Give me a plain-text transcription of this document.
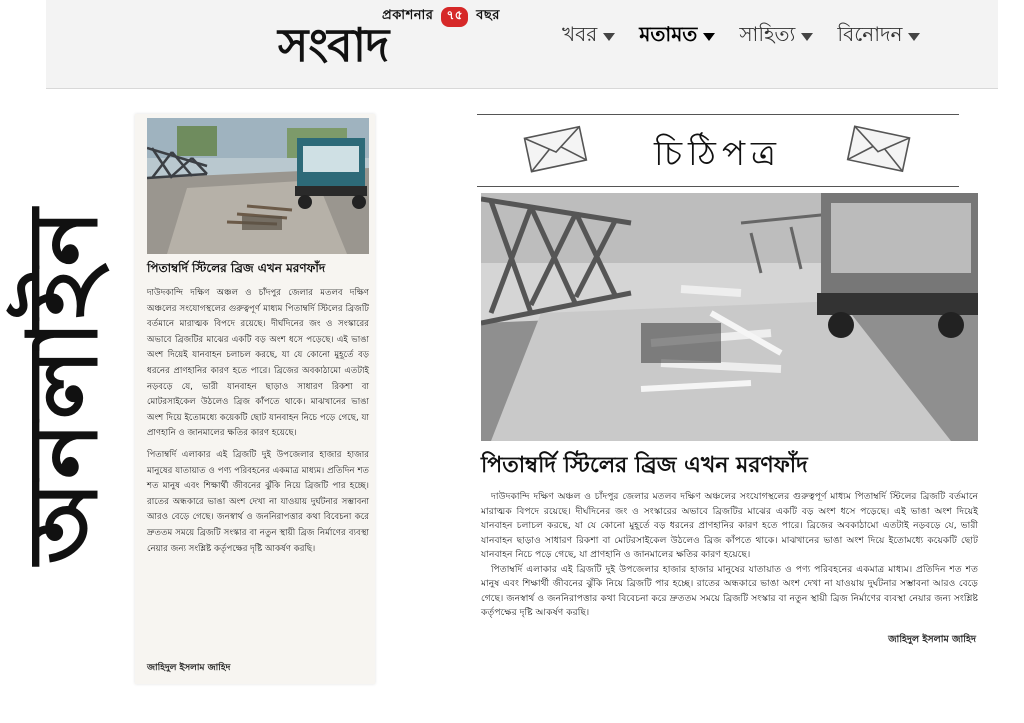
প্রকাশনার ৭৫ বছর
সংবাদ	খবর মতামত সাহিত্য বিনোদন
অনলাইন	পিতাম্বর্দি স্টিলের ব্রিজ এখন মরণফাঁদ

দাউদকান্দি দক্ষিণ অঞ্চল ও চাঁদপুর জেলার মতলব দক্ষিণ অঞ্চলের সংযোগস্থলের গুরুত্বপূর্ণ মাধ্যম পিতাম্বর্দি স্টিলের ব্রিজটি বর্তমানে মারাত্মক বিপদে রয়েছে। দীর্ঘদিনের জং ও সংস্কারের অভাবে ব্রিজটির মাঝের একটি বড় অংশ ধসে পড়েছে। এই ভাঙা অংশ দিয়েই যানবাহন চলাচল করছে, যা যে কোনো মুহূর্তে বড় ধরনের প্রাণহানির কারণ হতে পারে। ব্রিজের অবকাঠামো এতটাই নড়বড়ে যে, ভারী যানবাহন ছাড়াও সাধারণ রিকশা বা মোটরসাইকেল উঠলেও ব্রিজ কাঁপতে থাকে। মাঝখানের ভাঙা অংশ দিয়ে ইতোমধ্যে কয়েকটি ছোট যানবাহন নিচে পড়ে গেছে, যা প্রাণহানি ও জানমালের ক্ষতির কারণ হয়েছে।

পিতাম্বর্দি এলাকার এই ব্রিজটি দুই উপজেলার হাজার হাজার মানুষের যাতায়াত ও পণ্য পরিবহনের একমাত্র মাধ্যম। প্রতিদিন শত শত মানুষ এবং শিক্ষার্থী জীবনের ঝুঁকি নিয়ে ব্রিজটি পার হচ্ছে। রাতের অন্ধকারে ভাঙা অংশ দেখা না যাওয়ায় দুর্ঘটনার সম্ভাবনা আরও বেড়ে গেছে। জনস্বার্থ ও জননিরাপত্তার কথা বিবেচনা করে দ্রুততম সময়ে ব্রিজটি সংস্কার বা নতুন স্থায়ী ব্রিজ নির্মাণের ব্যবস্থা নেয়ার জন্য সংশ্লিষ্ট কর্তৃপক্ষের দৃষ্টি আকর্ষণ করছি।

জাহিদুল ইসলাম জাহিদ
চিঠিপত্র
পিতাম্বর্দি স্টিলের ব্রিজ এখন মরণফাঁদ

দাউদকান্দি দক্ষিণ অঞ্চল ও চাঁদপুর জেলার মতলব দক্ষিণ অঞ্চলের সংযোগস্থলের গুরুত্বপূর্ণ মাধ্যম পিতাম্বর্দি স্টিলের ব্রিজটি বর্তমানে মারাত্মক বিপদে রয়েছে। দীর্ঘদিনের জং ও সংস্কারের অভাবে ব্রিজটির মাঝের একটি বড় অংশ ধসে পড়েছে। এই ভাঙা অংশ দিয়েই যানবাহন চলাচল করছে, যা যে কোনো মুহূর্তে বড় ধরনের প্রাণহানির কারণ হতে পারে। ব্রিজের অবকাঠামো এতটাই নড়বড়ে যে, ভারী যানবাহন ছাড়াও সাধারণ রিকশা বা মোটরসাইকেল উঠলেও ব্রিজ কাঁপতে থাকে। মাঝখানের ভাঙা অংশ দিয়ে ইতোমধ্যে কয়েকটি ছোট যানবাহন নিচে পড়ে গেছে, যা প্রাণহানি ও জানমালের ক্ষতির কারণ হয়েছে।

পিতাম্বর্দি এলাকার এই ব্রিজটি দুই উপজেলার হাজার হাজার মানুষের যাতায়াত ও পণ্য পরিবহনের একমাত্র মাধ্যম। প্রতিদিন শত শত মানুষ এবং শিক্ষার্থী জীবনের ঝুঁকি নিয়ে ব্রিজটি পার হচ্ছে। রাতের অন্ধকারে ভাঙা অংশ দেখা না যাওয়ায় দুর্ঘটনার সম্ভাবনা আরও বেড়ে গেছে। জনস্বার্থ ও জননিরাপত্তার কথা বিবেচনা করে দ্রুততম সময়ে ব্রিজটি সংস্কার বা নতুন স্থায়ী ব্রিজ নির্মাণের ব্যবস্থা নেয়ার জন্য সংশ্লিষ্ট কর্তৃপক্ষের দৃষ্টি আকর্ষণ করছি।

জাহিদুল ইসলাম জাহিদ
